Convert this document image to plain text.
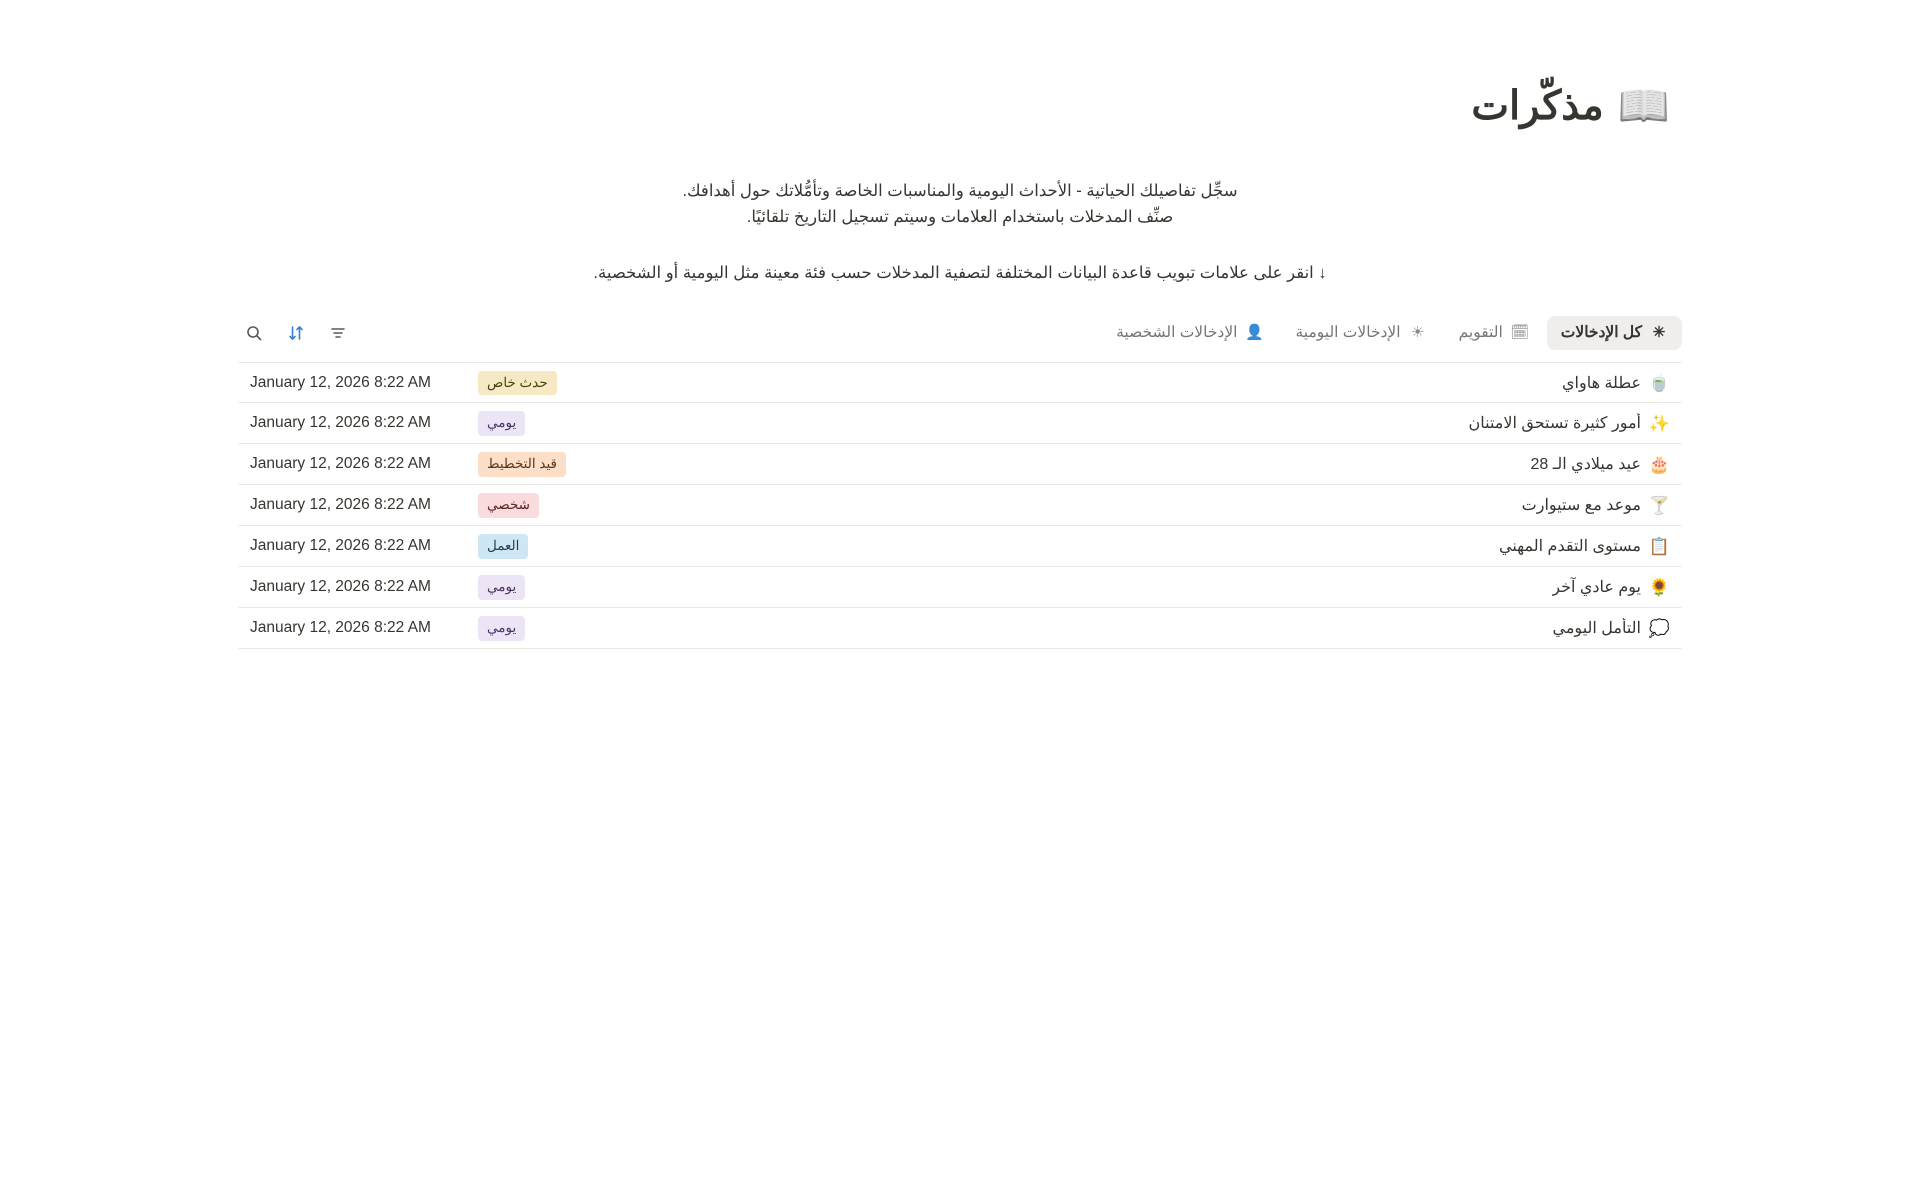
📖
مذكّرات

سجِّل تفاصيلك الحياتية - الأحداث اليومية والمناسبات الخاصة وتأمُّلاتك حول أهدافك.

صنِّف المدخلات باستخدام العلامات وسيتم تسجيل التاريخ تلقائيًا.

↓ انقر على علامات تبويب قاعدة البيانات المختلفة لتصفية المدخلات حسب فئة معينة مثل اليومية أو الشخصية.

✳
كل الإدخالات
🗓
التقويم
☀
الإدخالات اليومية
👤
الإدخالات الشخصية
🍵
عطلة هاواي
حدث خاص
January 12, 2026 8:22 AM
✨
أمور كثيرة تستحق الامتنان
يومي
January 12, 2026 8:22 AM
🎂
عيد ميلادي الـ 28
قيد التخطيط
January 12, 2026 8:22 AM
🍸
موعد مع ستيوارت
شخصي
January 12, 2026 8:22 AM
📋
مستوى التقدم المهني
العمل
January 12, 2026 8:22 AM
🌻
يوم عادي آخر
يومي
January 12, 2026 8:22 AM
💭
التأمل اليومي
يومي
January 12, 2026 8:22 AM
